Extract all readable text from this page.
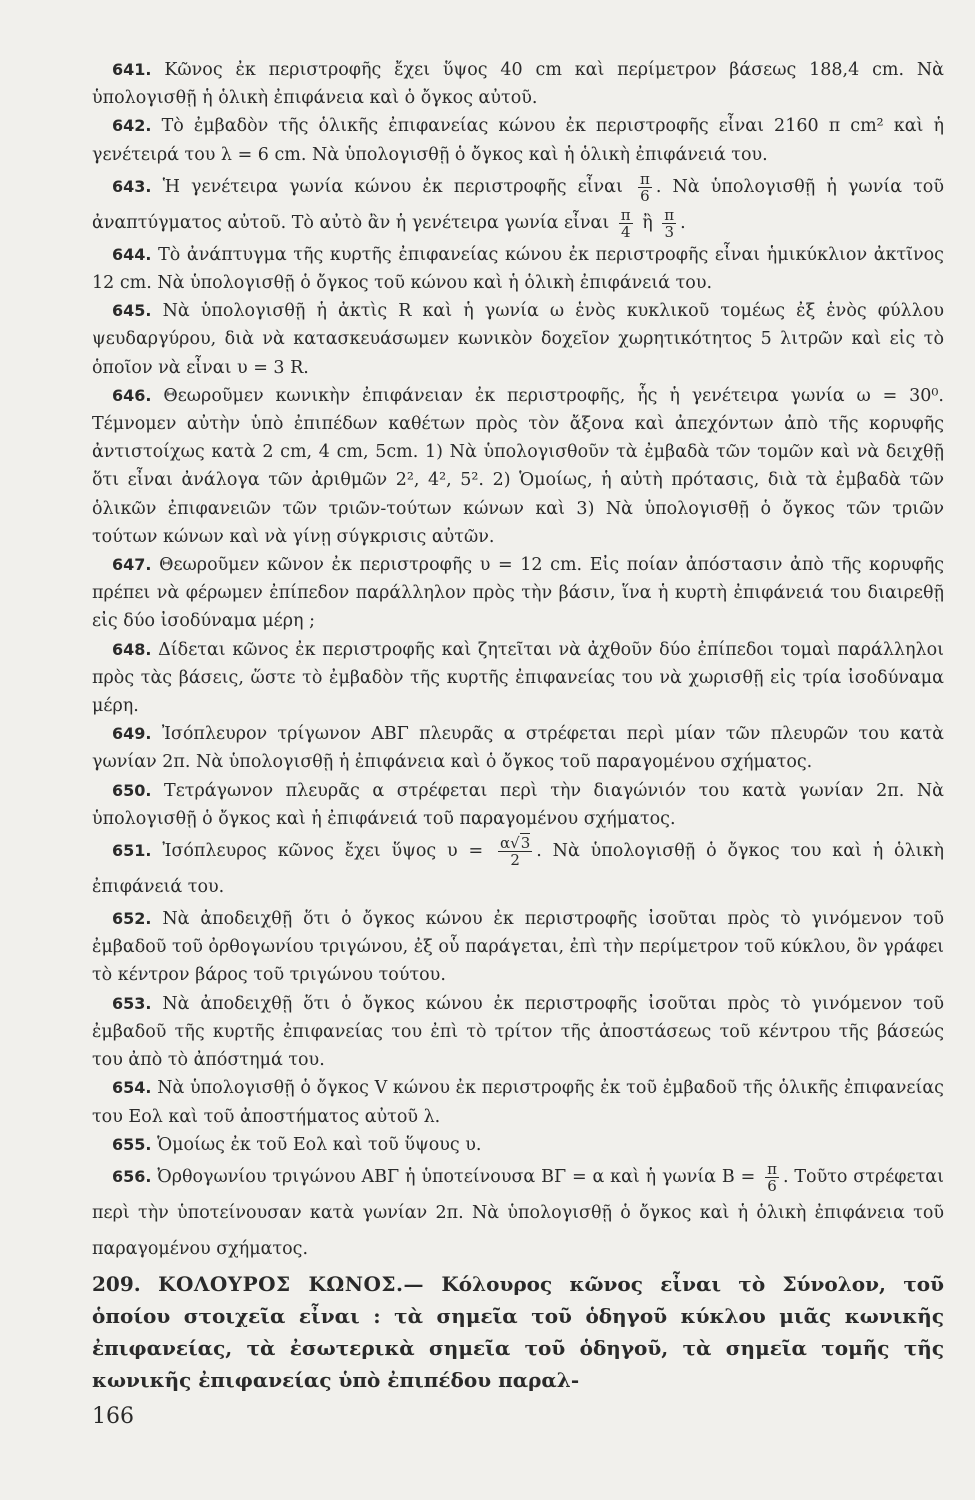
641. Κῶνος ἐκ περιστροφῆς ἔχει ὕψος 40 cm καὶ περίμετρον βάσεως 188,4 cm. Νὰ ὑπολογισθῇ ἡ ὁλικὴ ἐπιφάνεια καὶ ὁ ὄγκος αὐτοῦ.

642. Τὸ ἐμβαδὸν τῆς ὁλικῆς ἐπιφανείας κώνου ἐκ περιστροφῆς εἶναι 2160 π cm² καὶ ἡ γενέτειρά του λ = 6 cm. Νὰ ὑπολογισθῇ ὁ ὄγκος καὶ ἡ ὁλικὴ ἐπιφάνειά του.

643. Ἡ γενέτειρα γωνία κώνου ἐκ περιστροφῆς εἶναι $\frac{\pi}{6}$ . Νὰ ὑπολογισθῇ ἡ γωνία τοῦ ἀναπτύγματος αὐτοῦ. Τὸ αὐτὸ ἂν ἡ γενέτειρα γωνία εἶναι $\frac{\pi}{4}$ ἢ $\frac{\pi}{3}$ .

644. Τὸ ἀνάπτυγμα τῆς κυρτῆς ἐπιφανείας κώνου ἐκ περιστροφῆς εἶναι ἡμικύκλιον ἀκτῖνος 12 cm. Νὰ ὑπολογισθῇ ὁ ὄγκος τοῦ κώνου καὶ ἡ ὁλικὴ ἐπιφάνειά του.

645. Νὰ ὑπολογισθῇ ἡ ἀκτὶς R καὶ ἡ γωνία ω ἑνὸς κυκλικοῦ τομέως ἐξ ἑνὸς φύλλου ψευδαργύρου, διὰ νὰ κατασκευάσωμεν κωνικὸν δοχεῖον χωρητικότητος 5 λιτρῶν καὶ εἰς τὸ ὁποῖον νὰ εἶναι υ = 3 R.

646. Θεωροῦμεν κωνικὴν ἐπιφάνειαν ἐκ περιστροφῆς, ἧς ἡ γενέτειρα γωνία ω = 30⁰. Τέμνομεν αὐτὴν ὑπὸ ἐπιπέδων καθέτων πρὸς τὸν ἄξονα καὶ ἀπεχόντων ἀπὸ τῆς κορυφῆς ἀντιστοίχως κατὰ 2 cm, 4 cm, 5cm. 1) Νὰ ὑπολογισθοῦν τὰ ἐμβαδὰ τῶν τομῶν καὶ νὰ δειχθῇ ὅτι εἶναι ἀνάλογα τῶν ἀριθμῶν 2², 4², 5². 2) Ὁμοίως, ἡ αὐτὴ πρότασις, διὰ τὰ ἐμβαδὰ τῶν ὁλικῶν ἐπιφανειῶν τῶν τριῶν-τούτων κώνων καὶ 3) Νὰ ὑπολογισθῇ ὁ ὄγκος τῶν τριῶν τούτων κώνων καὶ νὰ γίνῃ σύγκρισις αὐτῶν.

647. Θεωροῦμεν κῶνον ἐκ περιστροφῆς υ = 12 cm. Εἰς ποίαν ἀπόστασιν ἀπὸ τῆς κορυφῆς πρέπει νὰ φέρωμεν ἐπίπεδον παράλληλον πρὸς τὴν βάσιν, ἵνα ἡ κυρτὴ ἐπιφάνειά του διαιρεθῇ εἰς δύο ἰσοδύναμα μέρη ;

648. Δίδεται κῶνος ἐκ περιστροφῆς καὶ ζητεῖται νὰ ἀχθοῦν δύο ἐπίπεδοι τομαὶ παράλληλοι πρὸς τὰς βάσεις, ὥστε τὸ ἐμβαδὸν τῆς κυρτῆς ἐπιφανείας του νὰ χωρισθῇ εἰς τρία ἰσοδύναμα μέρη.

649. Ἰσόπλευρον τρίγωνον ΑΒΓ πλευρᾶς α στρέφεται περὶ μίαν τῶν πλευρῶν του κατὰ γωνίαν 2π. Νὰ ὑπολογισθῇ ἡ ἐπιφάνεια καὶ ὁ ὄγκος τοῦ παραγομένου σχήματος.

650. Τετράγωνον πλευρᾶς α στρέφεται περὶ τὴν διαγώνιόν του κατὰ γωνίαν 2π. Νὰ ὑπολογισθῇ ὁ ὄγκος καὶ ἡ ἐπιφάνειά τοῦ παραγομένου σχήματος.

651. Ἰσόπλευρος κῶνος ἔχει ὕψος $\upsilon = \frac{\alpha√3}{2}$ . Νὰ ὑπολογισθῇ ὁ ὄγκος του καὶ ἡ ὁλικὴ ἐπιφάνειά του.

652. Νὰ ἀποδειχθῇ ὅτι ὁ ὄγκος κώνου ἐκ περιστροφῆς ἰσοῦται πρὸς τὸ γινόμενον τοῦ ἐμβαδοῦ τοῦ ὀρθογωνίου τριγώνου, ἐξ οὗ παράγεται, ἐπὶ τὴν περίμετρον τοῦ κύκλου, ὃν γράφει τὸ κέντρον βάρος τοῦ τριγώνου τούτου.

653. Νὰ ἀποδειχθῇ ὅτι ὁ ὄγκος κώνου ἐκ περιστροφῆς ἰσοῦται πρὸς τὸ γινόμενον τοῦ ἐμβαδοῦ τῆς κυρτῆς ἐπιφανείας του ἐπὶ τὸ τρίτον τῆς ἀποστάσεως τοῦ κέντρου τῆς βάσεώς του ἀπὸ τὸ ἀπόστημά του.

654. Νὰ ὑπολογισθῇ ὁ ὄγκος V κώνου ἐκ περιστροφῆς ἐκ τοῦ ἐμβαδοῦ τῆς ὁλικῆς ἐπιφανείας του Εολ καὶ τοῦ ἀποστήματος αὐτοῦ λ.

655. Ὁμοίως ἐκ τοῦ Εολ καὶ τοῦ ὕψους υ.

656. Ὀρθογωνίου τριγώνου ΑΒΓ ἡ ὑποτείνουσα ΒΓ = α καὶ ἡ γωνία $B = \frac{\pi}{6}$ . Τοῦτο στρέφεται περὶ τὴν ὑποτείνουσαν κατὰ γωνίαν 2π. Νὰ ὑπολογισθῇ ὁ ὄγκος καὶ ἡ ὁλικὴ ἐπιφάνεια τοῦ παραγομένου σχήματος.

209. ΚΟΛΟΥΡΟΣ ΚΩΝΟΣ.— Κόλουρος κῶνος εἶναι τὸ Σύνολον, τοῦ ὁποίου στοιχεῖα εἶναι : τὰ σημεῖα τοῦ ὁδηγοῦ κύκλου μιᾶς κωνικῆς ἐπιφανείας, τὰ ἐσωτερικὰ σημεῖα τοῦ ὁδηγοῦ, τὰ σημεῖα τομῆς τῆς κωνικῆς ἐπιφανείας ὑπὸ ἐπιπέδου παραλ-

166
